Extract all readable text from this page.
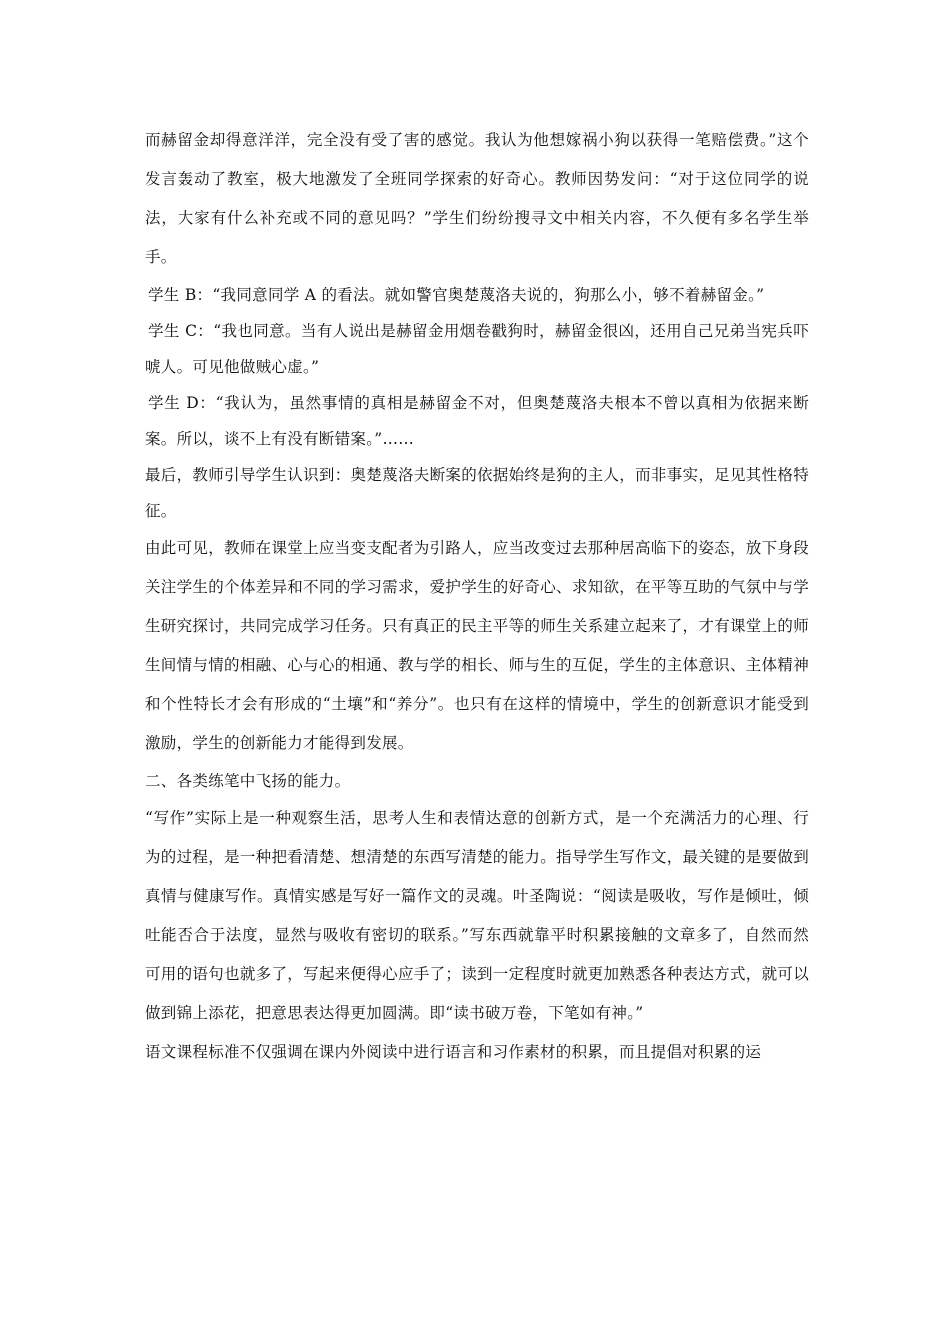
而赫留金却得意洋洋，完全没有受了害的感觉。我认为他想嫁祸小狗以获得一笔赔偿费。”这个发言轰动了教室，极大地激发了全班同学探索的好奇心。教师因势发问：“对于这位同学的说法，大家有什么补充或不同的意见吗？”学生们纷纷搜寻文中相关内容，不久便有多名学生举手。

学生 B：“我同意同学 A 的看法。就如警官奥楚蔑洛夫说的，狗那么小，够不着赫留金。”

学生 C：“我也同意。当有人说出是赫留金用烟卷戳狗时，赫留金很凶，还用自己兄弟当宪兵吓唬人。可见他做贼心虚。”

学生 D：“我认为，虽然事情的真相是赫留金不对，但奥楚蔑洛夫根本不曾以真相为依据来断案。所以，谈不上有没有断错案。”……

最后，教师引导学生认识到：奥楚蔑洛夫断案的依据始终是狗的主人，而非事实，足见其性格特征。

由此可见，教师在课堂上应当变支配者为引路人，应当改变过去那种居高临下的姿态，放下身段关注学生的个体差异和不同的学习需求，爱护学生的好奇心、求知欲，在平等互助的气氛中与学生研究探讨，共同完成学习任务。只有真正的民主平等的师生关系建立起来了，才有课堂上的师生间情与情的相融、心与心的相通、教与学的相长、师与生的互促，学生的主体意识、主体精神和个性特长才会有形成的“土壤”和“养分”。也只有在这样的情境中，学生的创新意识才能受到激励，学生的创新能力才能得到发展。

二、各类练笔中飞扬的能力。

“写作”实际上是一种观察生活，思考人生和表情达意的创新方式，是一个充满活力的心理、行为的过程，是一种把看清楚、想清楚的东西写清楚的能力。指导学生写作文，最关键的是要做到真情与健康写作。真情实感是写好一篇作文的灵魂。叶圣陶说：“阅读是吸收，写作是倾吐，倾吐能否合于法度，显然与吸收有密切的联系。”写东西就靠平时积累接触的文章多了，自然而然可用的语句也就多了，写起来便得心应手了；读到一定程度时就更加熟悉各种表达方式，就可以做到锦上添花，把意思表达得更加圆满。即“读书破万卷，下笔如有神。”

语文课程标准不仅强调在课内外阅读中进行语言和习作素材的积累，而且提倡对积累的运
